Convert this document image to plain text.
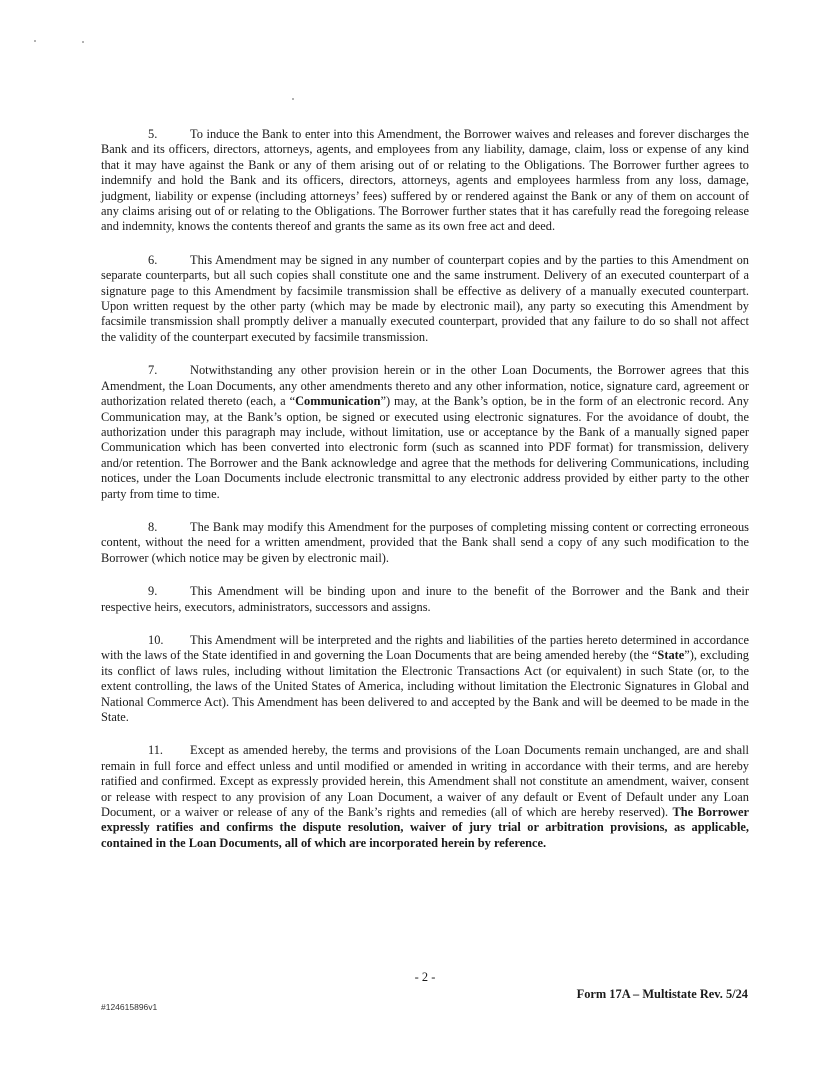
5.	To induce the Bank to enter into this Amendment, the Borrower waives and releases and forever discharges the Bank and its officers, directors, attorneys, agents, and employees from any liability, damage, claim, loss or expense of any kind that it may have against the Bank or any of them arising out of or relating to the Obligations. The Borrower further agrees to indemnify and hold the Bank and its officers, directors, attorneys, agents and employees harmless from any loss, damage, judgment, liability or expense (including attorneys’ fees) suffered by or rendered against the Bank or any of them on account of any claims arising out of or relating to the Obligations. The Borrower further states that it has carefully read the foregoing release and indemnity, knows the contents thereof and grants the same as its own free act and deed.

6.	This Amendment may be signed in any number of counterpart copies and by the parties to this Amendment on separate counterparts, but all such copies shall constitute one and the same instrument. Delivery of an executed counterpart of a signature page to this Amendment by facsimile transmission shall be effective as delivery of a manually executed counterpart. Upon written request by the other party (which may be made by electronic mail), any party so executing this Amendment by facsimile transmission shall promptly deliver a manually executed counterpart, provided that any failure to do so shall not affect the validity of the counterpart executed by facsimile transmission.

7.	Notwithstanding any other provision herein or in the other Loan Documents, the Borrower agrees that this Amendment, the Loan Documents, any other amendments thereto and any other information, notice, signature card, agreement or authorization related thereto (each, a “Communication”) may, at the Bank’s option, be in the form of an electronic record. Any Communication may, at the Bank’s option, be signed or executed using electronic signatures. For the avoidance of doubt, the authorization under this paragraph may include, without limitation, use or acceptance by the Bank of a manually signed paper Communication which has been converted into electronic form (such as scanned into PDF format) for transmission, delivery and/or retention. The Borrower and the Bank acknowledge and agree that the methods for delivering Communications, including notices, under the Loan Documents include electronic transmittal to any electronic address provided by either party to the other party from time to time.

8.	The Bank may modify this Amendment for the purposes of completing missing content or correcting erroneous content, without the need for a written amendment, provided that the Bank shall send a copy of any such modification to the Borrower (which notice may be given by electronic mail).

9.	This Amendment will be binding upon and inure to the benefit of the Borrower and the Bank and their respective heirs, executors, administrators, successors and assigns.

10. This Amendment will be interpreted and the rights and liabilities of the parties hereto determined in accordance with the laws of the State identified in and governing the Loan Documents that are being amended hereby (the “State”), excluding its conflict of laws rules, including without limitation the Electronic Transactions Act (or equivalent) in such State (or, to the extent controlling, the laws of the United States of America, including without limitation the Electronic Signatures in Global and National Commerce Act). This Amendment has been delivered to and accepted by the Bank and will be deemed to be made in the State.

11. Except as amended hereby, the terms and provisions of the Loan Documents remain unchanged, are and shall remain in full force and effect unless and until modified or amended in writing in accordance with their terms, and are hereby ratified and confirmed. Except as expressly provided herein, this Amendment shall not constitute an amendment, waiver, consent or release with respect to any provision of any Loan Document, a waiver of any default or Event of Default under any Loan Document, or a waiver or release of any of the Bank’s rights and remedies (all of which are hereby reserved). The Borrower expressly ratifies and confirms the dispute resolution, waiver of jury trial or arbitration provisions, as applicable, contained in the Loan Documents, all of which are incorporated herein by reference.

- 2 -
Form 17A – Multistate Rev. 5/24
#124615896v1
